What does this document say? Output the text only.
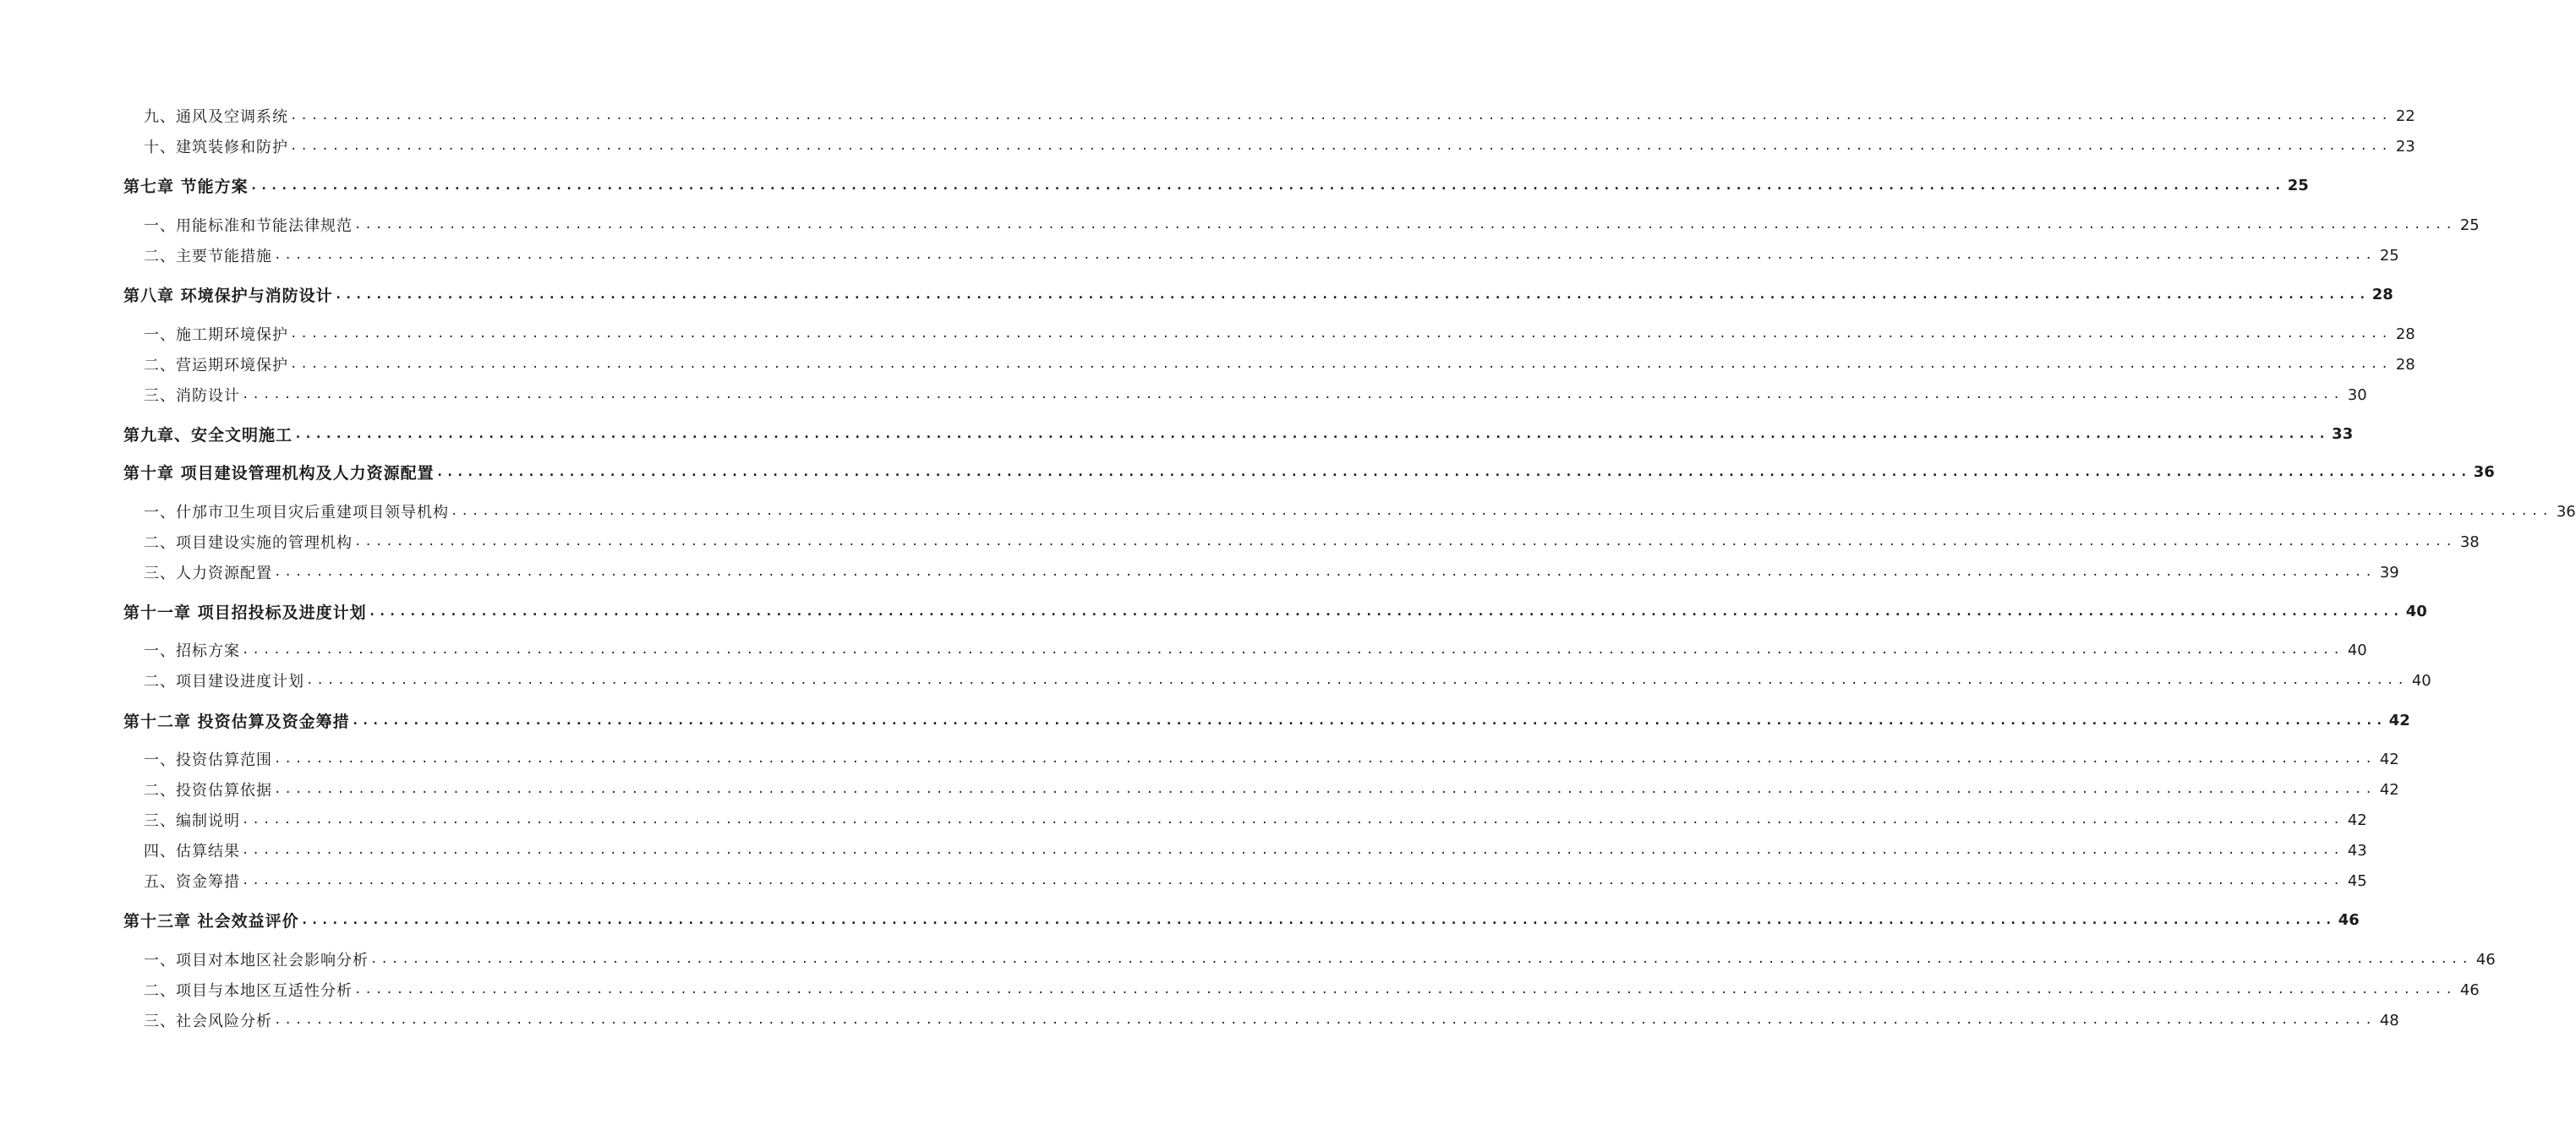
九、通风及空调系统 ........................................................................................................................................................................................................ 22
十、建筑装修和防护 ........................................................................................................................................................................................................ 23
第七章 节能方案 ........................................................................................................................................................................................................ 25
一、用能标准和节能法律规范 ........................................................................................................................................................................................................ 25
二、主要节能措施 ........................................................................................................................................................................................................ 25
第八章 环境保护与消防设计 ........................................................................................................................................................................................................ 28
一、施工期环境保护 ........................................................................................................................................................................................................ 28
二、营运期环境保护 ........................................................................................................................................................................................................ 28
三、消防设计 ........................................................................................................................................................................................................ 30
第九章、安全文明施工 ........................................................................................................................................................................................................ 33
第十章 项目建设管理机构及人力资源配置 ........................................................................................................................................................................................................ 36
一、什邡市卫生项目灾后重建项目领导机构 ........................................................................................................................................................................................................ 36
二、项目建设实施的管理机构 ........................................................................................................................................................................................................ 38
三、人力资源配置 ........................................................................................................................................................................................................ 39
第十一章 项目招投标及进度计划 ........................................................................................................................................................................................................ 40
一、招标方案 ........................................................................................................................................................................................................ 40
二、项目建设进度计划 ........................................................................................................................................................................................................ 40
第十二章 投资估算及资金筹措 ........................................................................................................................................................................................................ 42
一、投资估算范围 ........................................................................................................................................................................................................ 42
二、投资估算依据 ........................................................................................................................................................................................................ 42
三、编制说明 ........................................................................................................................................................................................................ 42
四、估算结果 ........................................................................................................................................................................................................ 43
五、资金筹措 ........................................................................................................................................................................................................ 45
第十三章 社会效益评价 ........................................................................................................................................................................................................ 46
一、项目对本地区社会影响分析 ........................................................................................................................................................................................................ 46
二、项目与本地区互适性分析 ........................................................................................................................................................................................................ 46
三、社会风险分析 ........................................................................................................................................................................................................ 48
